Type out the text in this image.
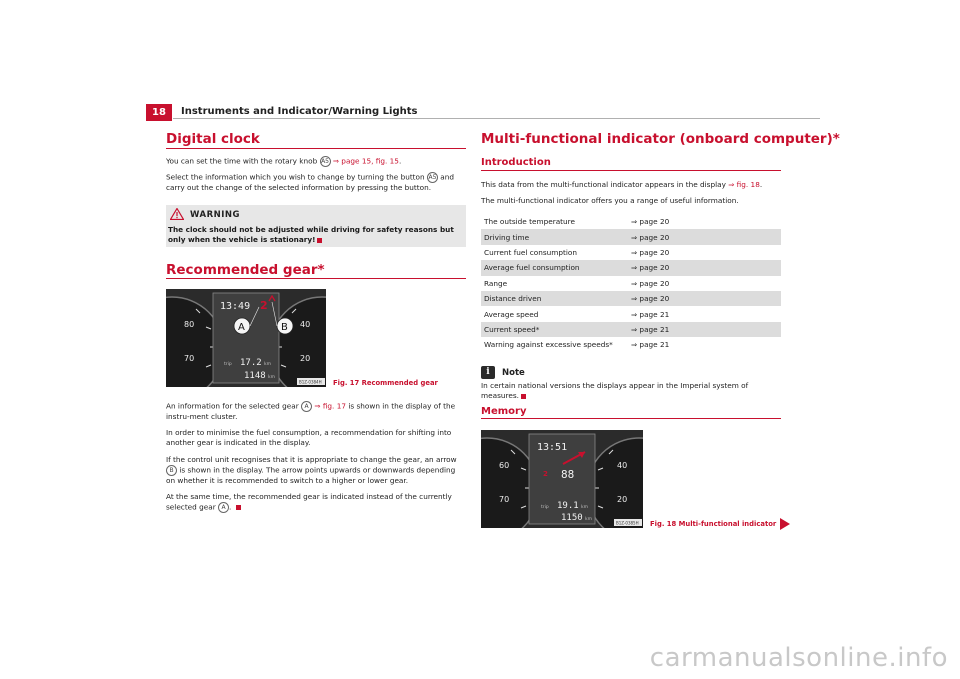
18	Instruments and Indicator/Warning Lights
Digital clock

You can set the time with the rotary knob A5 ⇒ page 15, fig. 15.

Select the information which you wish to change by turning the button A5 and carry out the change of the selected information by pressing the button.

WARNING
The clock should not be adjusted while driving for safety reasons but only when the vehicle is stationary!
Recommended gear*
80
70
40
20
13:49 2
A	B
trip 17.2 km
1148 km
B1Z-0384H Fig. 17 Recommended gear

An information for the selected gear A ⇒ fig. 17 is shown in the display of the instru-ment cluster.

In order to minimise the fuel consumption, a recommendation for shifting into another gear is indicated in the display.

If the control unit recognises that it is appropriate to change the gear, an arrow B is shown in the display. The arrow points upwards or downwards depending on whether it is recommended to switch to a higher or lower gear.

At the same time, the recommended gear is indicated instead of the currently selected gear A .

Multi-functional indicator (onboard computer)*
Introduction

This data from the multi-functional indicator appears in the display ⇒ fig. 18.

The multi-functional indicator offers you a range of useful information.

The outside temperature	⇒ page 20
Driving time	⇒ page 20
Current fuel consumption	⇒ page 20
Average fuel consumption	⇒ page 20
Range	⇒ page 20
Distance driven	⇒ page 20
Average speed	⇒ page 21
Current speed*	⇒ page 21
Warning against excessive speeds*	⇒ page 21
i	Note

In certain national versions the displays appear in the Imperial system of measures.

Memory
60
70
40
20
13:51
2 88
trip 19.1 km
1150 km
B1Z-0385H Fig. 18 Multi-functional indicator
carmanualsonline.info
